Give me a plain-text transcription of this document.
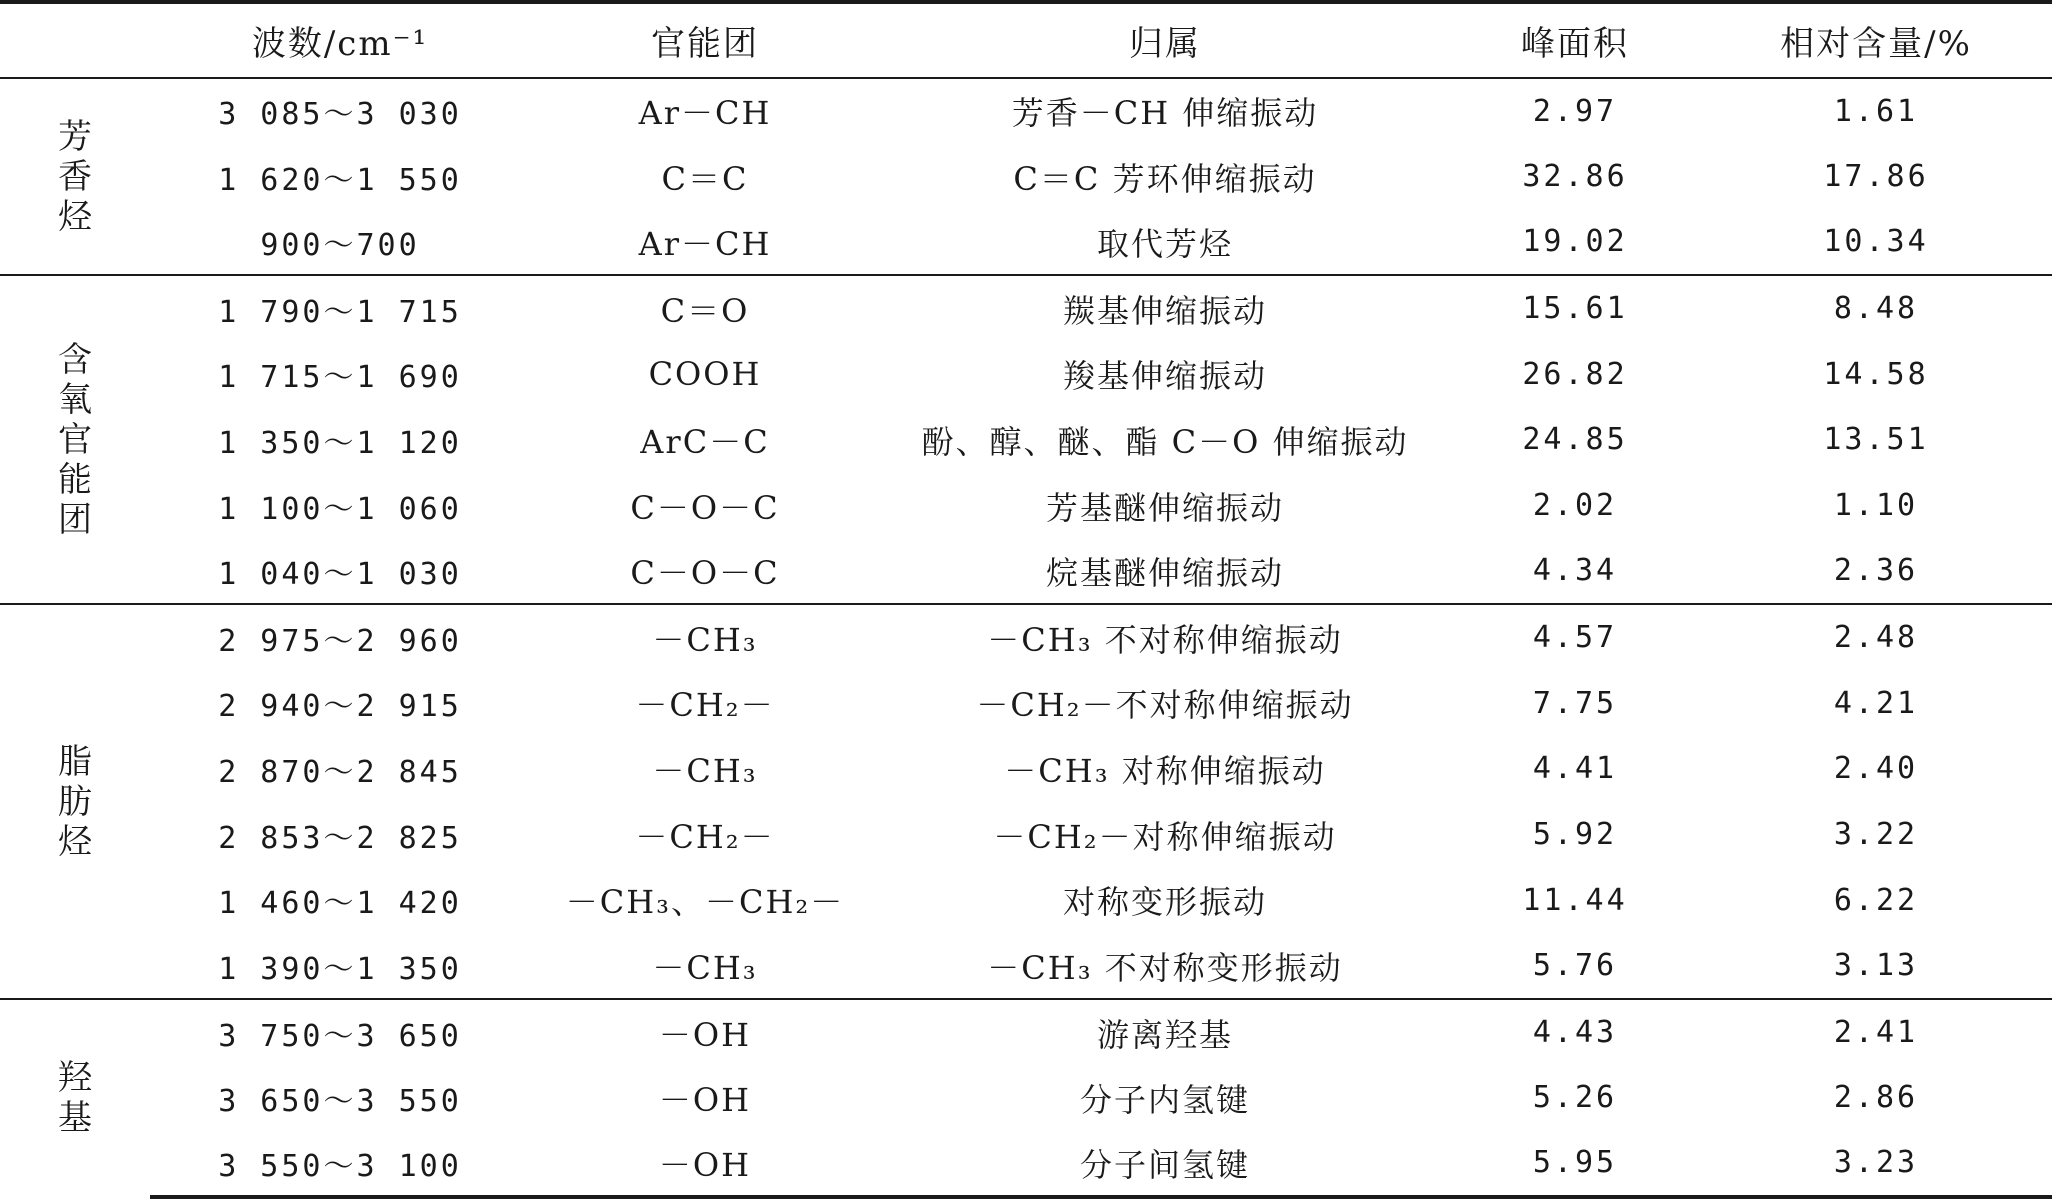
	波数/cm⁻¹	官能团	归属	峰面积	相对含量/%
芳香烃	3 085～3 030	Ar－CH	芳香－CH 伸缩振动	2.97	1.61
	1 620～1 550	C＝C	C＝C 芳环伸缩振动	32.86	17.86
	900～700	Ar－CH	取代芳烃	19.02	10.34
含氧官能团	1 790～1 715	C＝O	羰基伸缩振动	15.61	8.48
	1 715～1 690	COOH	羧基伸缩振动	26.82	14.58
	1 350～1 120	ArC－C	酚、醇、醚、酯 C－O 伸缩振动	24.85	13.51
	1 100～1 060	C－O－C	芳基醚伸缩振动	2.02	1.10
	1 040～1 030	C－O－C	烷基醚伸缩振动	4.34	2.36
脂肪烃	2 975～2 960	－CH₃	－CH₃ 不对称伸缩振动	4.57	2.48
	2 940～2 915	－CH₂－	－CH₂－不对称伸缩振动	7.75	4.21
	2 870～2 845	－CH₃	－CH₃ 对称伸缩振动	4.41	2.40
	2 853～2 825	－CH₂－	－CH₂－对称伸缩振动	5.92	3.22
	1 460～1 420	－CH₃、－CH₂－	对称变形振动	11.44	6.22
	1 390～1 350	－CH₃	－CH₃ 不对称变形振动	5.76	3.13
羟基	3 750～3 650	－OH	游离羟基	4.43	2.41
	3 650～3 550	－OH	分子内氢键	5.26	2.86
	3 550～3 100	－OH	分子间氢键	5.95	3.23
